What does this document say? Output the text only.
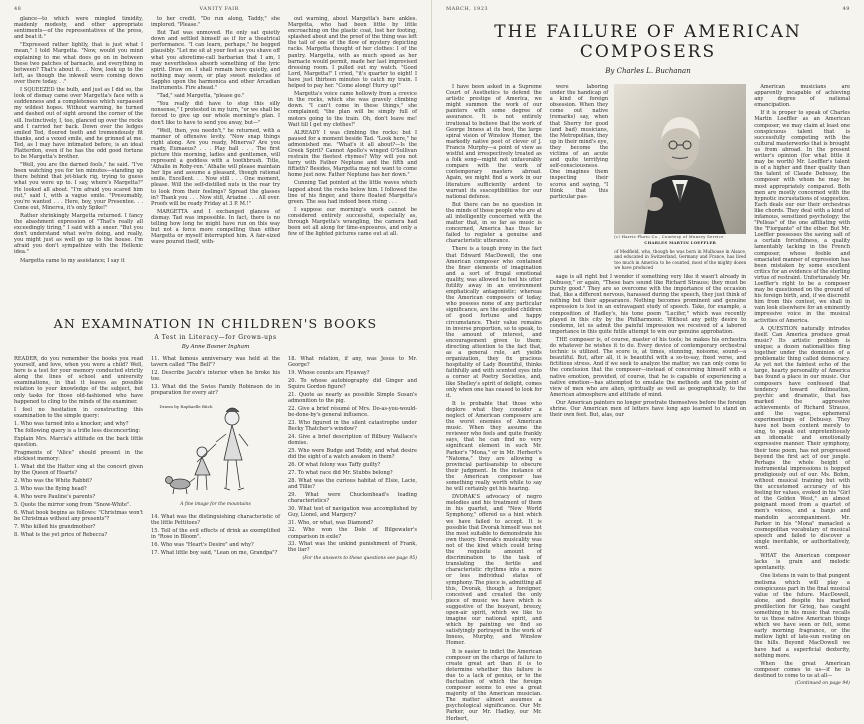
48	VANITY FAIR

glance—to which were mingled timidity, maidenly modesty, and other appropriate sentiments—of the representatives of the press, and beat it."

"Expressed rather lightly, that is just what I mean," I told Margetta. "Now, would you mind explaining to me what does go on in between these two patches of barnacle, and everything in between? That's about it. . . Now, look up to the left, as though the inkwell were coming down over there today. . ."

I SQUEEZED the bulb, and just as I did so, the look of dismay came over Margetta's face with a suddenness and a completeness which surpassed my wildest hopes. Without warning, he turned and dashed out of sight around the corner of the sill. Instinctively, I, too, glanced up over the rocks and I carried her back. Down over the ledges smiled Ted, floured teeth and tremendously fit thanks, and a vexed smile, and he grinned at me. Ted, as I may have intimated before, is an ideal Platterdon, even if he has the odd good fortune to be Margetta's brother.

"Well, you are the darned fools," he said. "I've been watching you for ten minutes—standing up there behind that jet-black rig, trying to guess what you were up to. I say, where's Margetta?" He looked all about. "I'm afraid you scared him out," said I, with a vague smile. "Presumably, you're wanted . . . Here, boy, your Presentee. . . Come out, Minerva, it's only Spike!"

Rather shrinkingly Margetta returned. I fancy the abashment expression of "That's really all exceedingly tiring," I said with a sneer. "But you don't understand what we're doing, and really, you might just as well go up to the house. I'm afraid you don't sympathize with the Hellenic idea."

Margetta came to my assistance; I say it

to her credit. "Do run along, Taddy," she implored. "Please."

But Tad was unmoved. He only sat quietly down and settled himself as if for a theatrical performance. "I can learn, perhaps," he begged plausibly. "Let me sit at your feet as you shave off what you aforetime-call barbarian that I am, I may nevertheless absorb something of the lyric spirit. Draw on. I shall remain here quietly, and nothing may seem, or play sweet melodies of Sappho upon the harmonica and other Arcadian instruments. Fire ahead."

"Tad," said Margetta, "please go."

"You really did have to stop this silly nonsense," I protested in my turn, "or we shall be forced to give up our whole morning's plan. I don't like to have to send you away, but—"

"Well, then, you needn't," he returned, with a manner of offensive levity. "Now snap things right along. Are you ready, Minerva? Are you ready, Eumaeus? . . . Play ball . . . The first picture this morning, ladies and gentlemen, will represent a goddess with a toothbrush. Title, 'Athalie in Roby-ren.' Athalie will please maintain her lips and assume a pleasant, though rational smile. Excellent. . . Now still . . . One moment, please. Will the self-distilled nuts in the rear try to look from their feelings? Spread the glasses in? Thank you . . . Now still, Ariadne . . . All over. Proofs will be ready Friday at 3 P. M.!"

MARGETTA and I exchanged glances of dismay. Tad was impossible. In fact, there is no telling how long he might have run on this way but not a force more compelling than either Margetta or myself interrupted him. A fair-sized wave poured itself, with-

out warning, about Margetta's bare ankles. Margetta, who had been little by little encroaching on the plastic coat, lost her footing, splashed about and the proof of the thing was left the tail of one of the flow of mystery depicting racks. Margetta thought of her clothes: I of the pantry. Margetta, with as much speed as her barnacle would permit, made her last improvised dressing room. I pulled out my watch. "Good Lord, Margetta!" I cried, "it's quarter to eight! I have just thirteen minutes to catch my train. I helped to pay her. "Come along! Hurry up!"

Margetta's voice came hollowly from a crevice in the rocks, which she was gravely climbing down. "I can't come in these things," she complained; "the plan will be simply full of motors going to the train. Oh, don't leave me! Wait till I get my clothes!"

ALREADY I was climbing the rocks; but I paused for a moment beside Tad. "Look here," he admonished me. "What's it all about?—Is the Greek Spirit? Cannot Apollo's winged O'Sullivan restrain the fleetest rhymes? Why will you not tarry with Father Neptune and the fifth and fiftieth? Besides, Margetta may not want to come home just now. Father Neptune has her down."

Cunning Tad pointed at the little waves which lapped about the rocks below him. I followed the line of his finger, and there floated Margetta's green. The sea had indeed been rising . . .

I suppose our morning's work cannot be considered entirely successful, especially as, through Margetta's wrangling, the camera had been set all along for time-exposures, and only a few of the lighted pictures came out at all.

AN EXAMINATION IN CHILDREN'S BOOKS
A Test in Literacy—for Grown-ups
By Anne Bosner Ingham

READER, do you remember the books you read yourself, and love, when you were a child? Well, here is a test for your memory conducted strictly along the lines of school and university examinations, in that it leaves as possible relation to your knowledge of the subject, but only tasks for those old-fashioned who have happened to cling to the minds of the examiner.

I feel no hesitation in constructing this examination to the simple query:

1. Who was turned into a knocker, and why?

The following query is a trifle less disconcerting:

Explain Mrs. Marcia's attitude on the back little question.

Fragments of "Alice" should present in the stickiest memory:

1. What did the Hatter sing at the concert given by the Queen of Hearts?

2. Who was the White Rabbit?

3. Who was the flying head?

4. Who were Pauline's parents?

5. Quote the mirror song from "Snow-White".

6. What book begins as follows: "Christmas won't be Christmas without any presents"?

7. Who killed his grandmother?

8. What is the yet price of Rebecca?

11. What famous anniversary was held at the tavern called "The Bell"?

12. Describe Jacob's interior when he broke his toe.

13. What did the Swiss Family Robinson do in preparation for every air?

Drawn by Raphaelle Bitch
A fine image for the mountains

14. What was the distinguishing characteristic of the little Pettitoes?

15. Tell of the evil effects of drink as exemplified in "Rose in Bloom".

16. Who was "Heart's Desire" and why?

17. What little boy said, "Lean on me, Grandpa"?

18. What relation, if any, was Jesus to Mr. George?

19. Whose counts are Flyaway?

20. To whose autobiography did Ginger and Squire Gordon figure?

21. Quote as nearly as possible Simple Susan's admonition to the pig.

22. Give a brief résumé of Mrs. Do-as-you-would-be-done-by's general influence.

23. Who figured in the silent catastrophe under Becky Thatcher's window?

24. Give a brief description of Bilbury Wallace's demise.

25. Who were Budge and Toddy, and what desire did the sight of a watch awaken in them?

26. Of what felony was Taffy guilty?

27. To what race did Mr. Stubbs belong?

28. What was the curious habitat of Elsie, Lacie, and Tillie?

29. What were Chuckenhead's leading characteristics?

30. What test of navigation was accomplished by Guy, Lionel, and Margery?

31. Who, or what, was Diamond?

32. Who won the Dole of Bilgewater's comparison in exile?

33. What was the unkind punishment of Frank, the liar?

(For the answers to these questions see page 95)
MARCH, 1923	49
THE FAILURE OF AMERICAN COMPOSERS
By Charles L. Buchanan

I have been asked in a Supreme Court of Aesthetics to defend the artistic prestige of America, we might summon the work of our painters with some degree of assurance. It is not entirely irrational to believe that the work of George Inness at its best, the large spiral vision of Winslow Homer, the markedly native poet of clever of J. Francis Murphy—a point of view as wistful and irrespectively treated as a folk song—might not unfavorably compare with the work of contemporary masters abroad. Again, we might find a work in our literature sufficiently ardent to warrant its susceptibilities for our national defense.

But there can be no question in the minds of those people who are at all intelligently concerned with the matter that, in so far as music is concerned, America has thus far failed to register a genuine and characteristic utterance.

There is a tough irony in the fact that Edward MacDowell, the one American composer who contained the finer elements of imagination and a sort of frugal emotional quality, was allowed to feel his utter futility away in an environment emphatically antagonistic; whereas the American composers of today, who possess none of any particular significance, are the spoiled children of good fortune and happy circumstance. Their value remains in inverse proportion, so to speak, to the amount of interest, and encouragement given to them; directing attention to the fact that, as a general rule, art yields organization, they fix gracious hospitality of Lady Bountiful, thinks faithfully and with scented eyes into a corner at Poetry Societies, and, like Shelley's spirit of delight, comes only when one has ceased to look for it.

It is probable that those who deplore what they consider a neglect of American composers are the worst enemies of American music. When they assume the reviewer who feels and quite frankly says, that he can find no very significant element in such Mr. Parker's "Mona," or in Mr. Herbert's "Natoma," they are allowing a provincial partisanship to obscure their judgment. In the instance of the American composer has something really worth while to say he will certainly get his hearing.

DVORAK'S advocacy of negro melodies and his treatment of them in his quartet, and "New World Symphony," offered us a hint which we have failed to accept. It is possible that Dvorak himself was not the most suitable to demonstrate his own theory. Dvorak's musicality was not of the kind which could bring the requisite amount of discrimination to the task of translating the fertile and characteristic rhythms into a more or less individual status of symphony. The piece is, admitting all this, Dvorak, though a foreigner, conceived and created the only piece of music we have which is suggestive of the buoyant, breezy, open-air spirit, which we like to imagine our national spirit, and which by painting we find so satisfyingly portrayed in the work of Inness, Murphy, and Winslow Homer.

It is easier to indict the American composer on the charge of failure to create great art than it is to determine whether this failure is due to a lack of genius, or to the fluctuation of which the foreign composer seems to owe a great majority of the American musician. The matter almost assumes a psychological significance. Our Mr. Parker, our Mr. Hadley, our Mr. Herbert,

(c) Harris Photo Co., Courtesy of Munsey Service
CHARLES MARTIN LOEFFLER
of Medfield, who, though he was born in Mulhouse in Alsace, and educated in Switzerland, Germany and France, has lived too much in America to be counted, most of the mighty dozen we have produced

were laboring under the handicap of a kind of foreign obsession. When they come out native (remarks) say, when that Sherry for good (and bad) musicians, the Metropolitan, they up in their mind's eye, they become the victims of an acute and quite terrifying self-consciousness. One imagines them inspecting their scores and saying, "I think that this particular pas-

sage is all right but I wonder if something very like it wasn't already in Debussy," or again, "These bars sound like Richard Strauss; they must be purely good." They are so overcome with the importance of the occasion that, like a different nervous, harassed during the speech, they just think of nothing but their appearance. Nothing becomes prominent and genuine expression is lost in an extravagant study of speech. Take, for example, a composition of Hadley's, his tone poem "Lucifer," which was recently played in this city by the Philharmonic. Without any petty desire to condemn, let us admit the painful impression we received of a labored importance in this quite futile attempt to win our genuine approbation.

THE composer is, of course, master of his tools; he makes his orchestra do whatever he wishes it to do. Every device of contemporary orchestral technic is utilized. The score is, at times, stunning, noisome, sound—a beautiful. But, after all, it is beautiful with a so-to-say, fixed verse, and fictitious stress. And if we seek to analyze the matter, we can only come to the conclusion that the composer—instead of concerning himself with a native emotion, provided, of course, that he is capable of experiencing a native emotion—has attempted to emulate the methods and the point of view of men who are alien, spiritually as well as geographically, to the American atmosphere and attitude of mind.

Our American painters no longer prostrate themselves before the foreign shrine. Our American men of letters have long ago learned to stand on their own feet. But, alas, our

American musicians are apparently incapable of achieving any degree of national emancipation.

If it is proper to speak of Charles Martin Loeffler as an American composer, we may claim at least one conspicuous talent that is successfully competing with the cultural masterworks that is brought us from abroad. In the present writer's opinion (for what little it may be worth) Mr. Loeffler's talent is of a higher and finer quality than the talent of Claude Debussy, the composer with whom he may be most appropriately compared. Both men are mostly concerned with the hypnotic incrustations of suggestion. Each deals our our their orchestras like chords. They deal with a kind of infamous, sensitized psychology; the "Pelleas" of the one affiliating with the "Fiorgante" of the other. But Mr. Loeffler possesses the saving salt of a certain forcefulness, a quality lamentably lacking in the French composer, whose feeble and emaciated manner of expression has been mistaken by some excellent critics for an evidence of the sterling virtue of restraint. Unfortunately Mr. Loeffler's right to be a composer may be questioned on the ground of his foreign birth, and, if we discredit him from this contest, we shall in vain look elsewhere for an eminently impressive voice in the musical activities of America.

A QUESTION naturally intrudes itself. Can America produce great music? Its artistic problem is unique; a dozen nationalities fling together under the dominion of a problematic thing called democracy. As yet not the faintest echo of the large, hearty personality of America has found a place in our music. Our composers have confessed that tendency toward delineation, psychic and dramatic, that has marked the aggressive achievements of Richard Strauss, and the vague, ephemeral experimentings of Debussy. They have not been content merely to sing, to speak out unpretentiously an idiomatic and emotionally expressive manner. Their symphony, their tone poem, has not progressed beyond the first act of our jungle. Perhaps the whole height of instrumental impressions is hopped prodigiously out of our. Ms. Bohm, without musical training but with the accustomed accuracy of his feeling for values, evoked in his "Girl of the Golden West," an almost poignant mood from a quartet of men's voices, and a banjo and mandolin accompaniment. Mr. Parker in his "Mona" manacled a cosmopolitan vocabulary of musical speech and failed to discover a single inevitable, or authoritatively, word.

WHAT the American composer lacks is grain and melodic spontaneity.

One listens in vain to that pungent melisma which will play a conspicuous part in the final musical value of the future. MacDowell, alone, and despite his marked predilection for Grieg, has caught something in his music that recalls to us those native American things which we have seen or felt, some early morning fragrance, or the mellow light of late-sun resting on the hills. Beyond MacDowell we have had a superficial dexterity, nothing more.

When the great American composer comes to us—if he is destined to come to us at all—

(Continued on page 94)
